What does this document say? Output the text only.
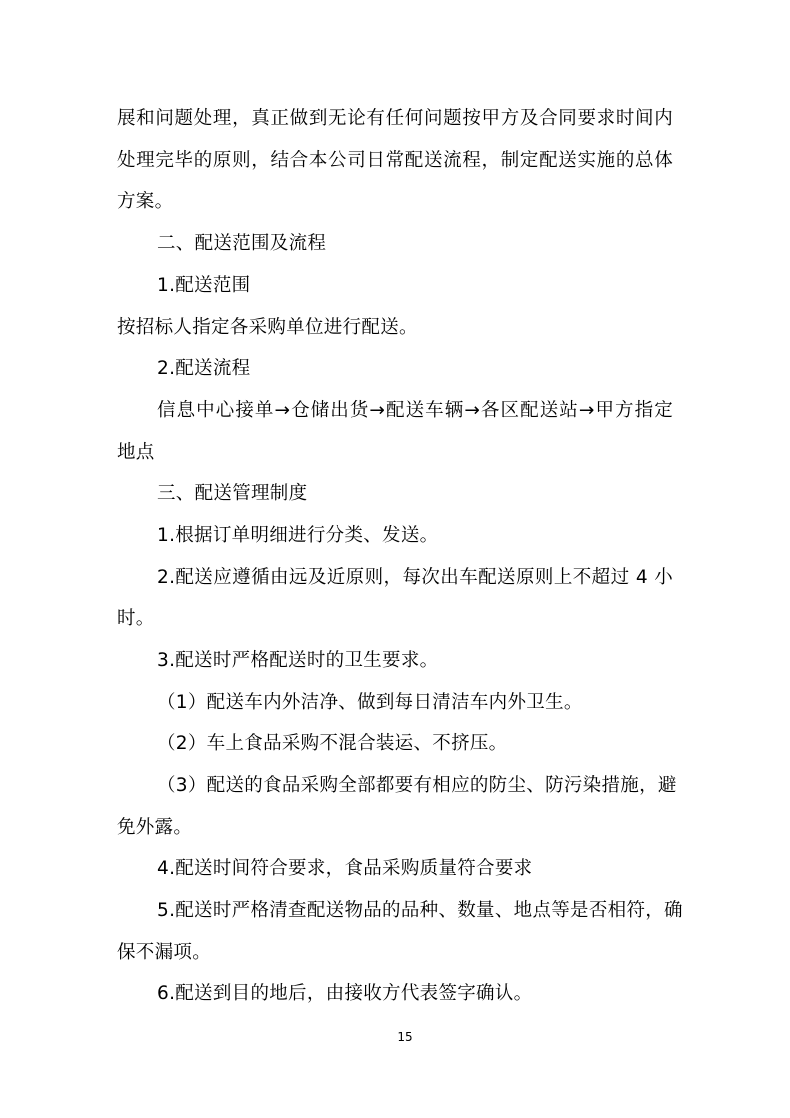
展和问题处理，真正做到无论有任何问题按甲方及合同要求时间内
处理完毕的原则，结合本公司日常配送流程，制定配送实施的总体
方案。
二、配送范围及流程
1.配送范围
按招标人指定各采购单位进行配送。
2.配送流程
信息中心接单→仓储出货→配送车辆→各区配送站→甲方指定
地点
三、配送管理制度
1.根据订单明细进行分类、发送。
2.配送应遵循由远及近原则，每次出车配送原则上不超过 4 小
时。
3.配送时严格配送时的卫生要求。
（1）配送车内外洁净、做到每日清洁车内外卫生。
（2）车上食品采购不混合装运、不挤压。
（3）配送的食品采购全部都要有相应的防尘、防污染措施，避
免外露。
4.配送时间符合要求，食品采购质量符合要求
5.配送时严格清查配送物品的品种、数量、地点等是否相符，确
保不漏项。
6.配送到目的地后，由接收方代表签字确认。
15
